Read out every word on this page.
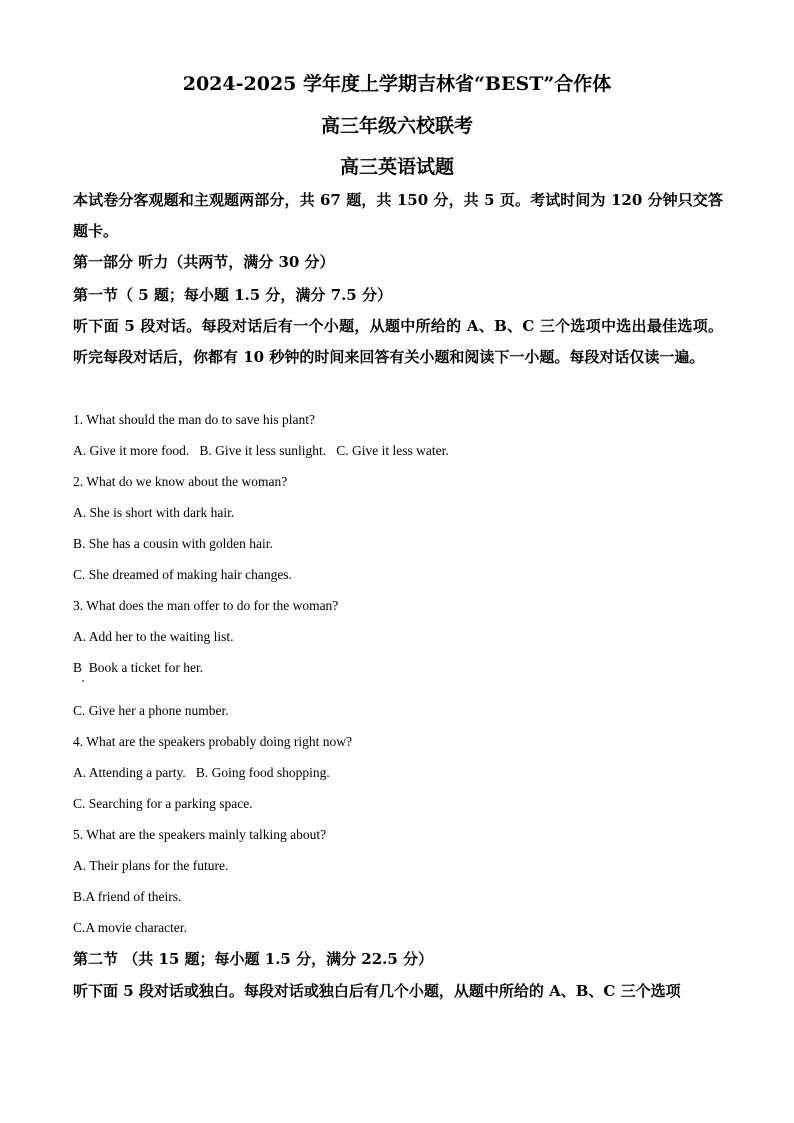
2024-2025 学年度上学期吉林省“BEST”合作体
高三年级六校联考
高三英语试题
本试卷分客观题和主观题两部分，共 67 题，共 150 分，共 5 页。考试时间为 120 分钟只交答题卡。
第一部分 听力（共两节，满分 30 分）
第一节（ 5 题；每小题 1.5 分，满分 7.5 分）
听下面 5 段对话。每段对话后有一个小题，从题中所给的 A、B、C 三个选项中选出最佳选项。听完每段对话后，你都有 10 秒钟的时间来回答有关小题和阅读下一小题。每段对话仅读一遍。
1. What should the man do to save his plant?
A. Give it more food.   B. Give it less sunlight.   C. Give it less water.
2. What do we know about the woman?
A. She is short with dark hair.
B. She has a cousin with golden hair.
C. She dreamed of making hair changes.
3. What does the man offer to do for the woman?
A. Add her to the waiting list.
B  Book a ticket for her.
C. Give her a phone number.
4. What are the speakers probably doing right now?
A. Attending a party.   B. Going food shopping.
C. Searching for a parking space.
5. What are the speakers mainly talking about?
A. Their plans for the future.
B.A friend of theirs.
C.A movie character.
第二节 （共 15 题；每小题 1.5 分，满分 22.5 分）
听下面 5 段对话或独白。每段对话或独白后有几个小题，从题中所给的 A、B、C 三个选项
